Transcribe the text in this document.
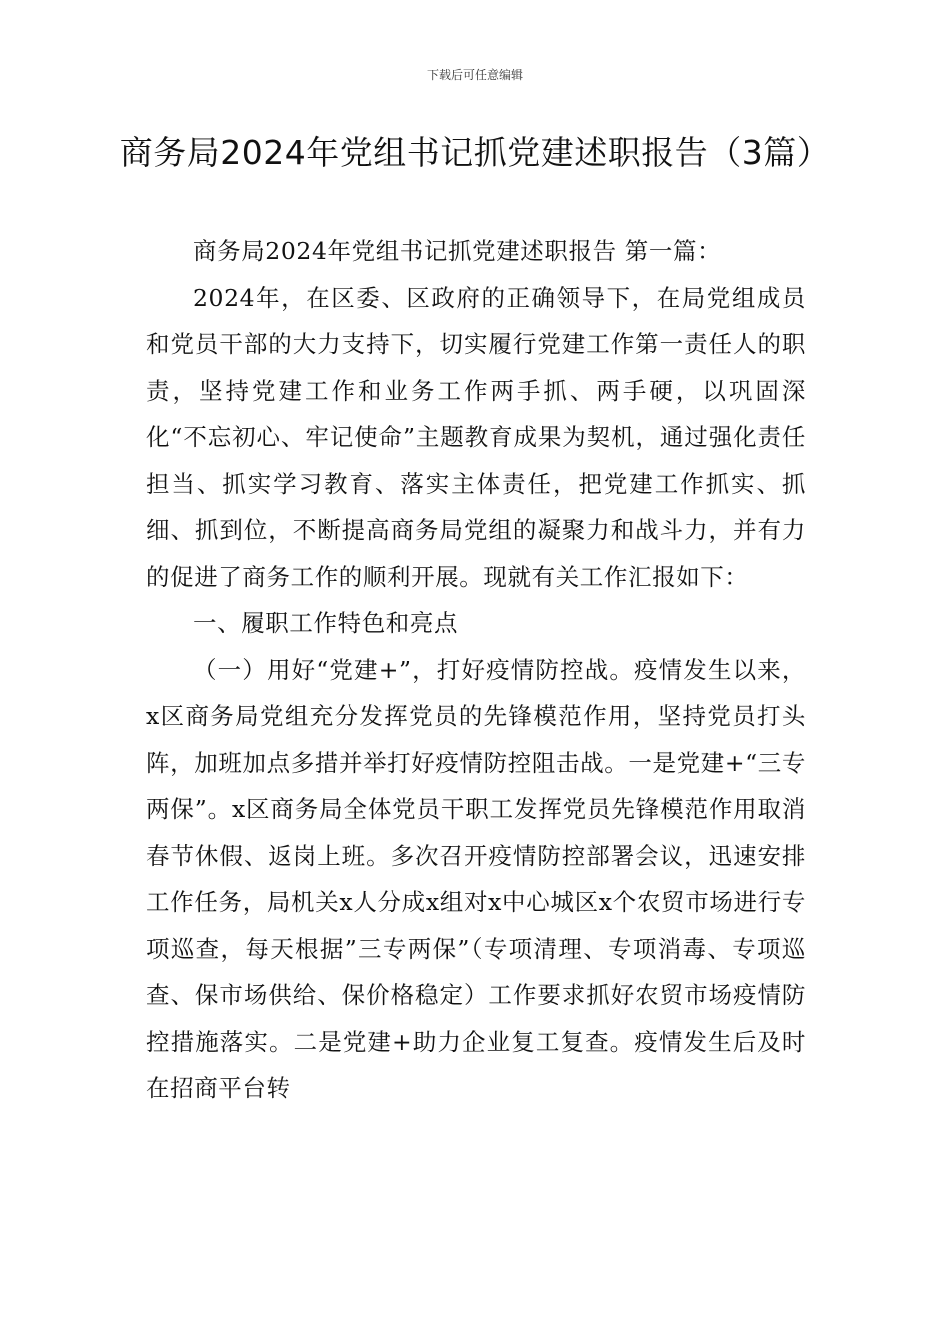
下载后可任意编辑
商务局2024年党组书记抓党建述职报告（3篇）

商务局2024年党组书记抓党建述职报告 第一篇：

2024年，在区委、区政府的正确领导下，在局党组成员和党员干部的大力支持下，切实履行党建工作第一责任人的职责，坚持党建工作和业务工作两手抓、两手硬，以巩固深化“不忘初心、牢记使命”主题教育成果为契机，通过强化责任担当、抓实学习教育、落实主体责任，把党建工作抓实、抓细、抓到位，不断提高商务局党组的凝聚力和战斗力，并有力的促进了商务工作的顺利开展。现就有关工作汇报如下：

一、履职工作特色和亮点

（一）用好“党建+”，打好疫情防控战。疫情发生以来，x区商务局党组充分发挥党员的先锋模范作用，坚持党员打头阵，加班加点多措并举打好疫情防控阻击战。一是党建+“三专两保”。x区商务局全体党员干职工发挥党员先锋模范作用取消春节休假、返岗上班。多次召开疫情防控部署会议，迅速安排工作任务，局机关x人分成x组对x中心城区x个农贸市场进行专项巡查，每天根据”三专两保”（专项清理、专项消毒、专项巡查、保市场供给、保价格稳定）工作要求抓好农贸市场疫情防控措施落实。二是党建+助力企业复工复查。疫情发生后及时在招商平台转
